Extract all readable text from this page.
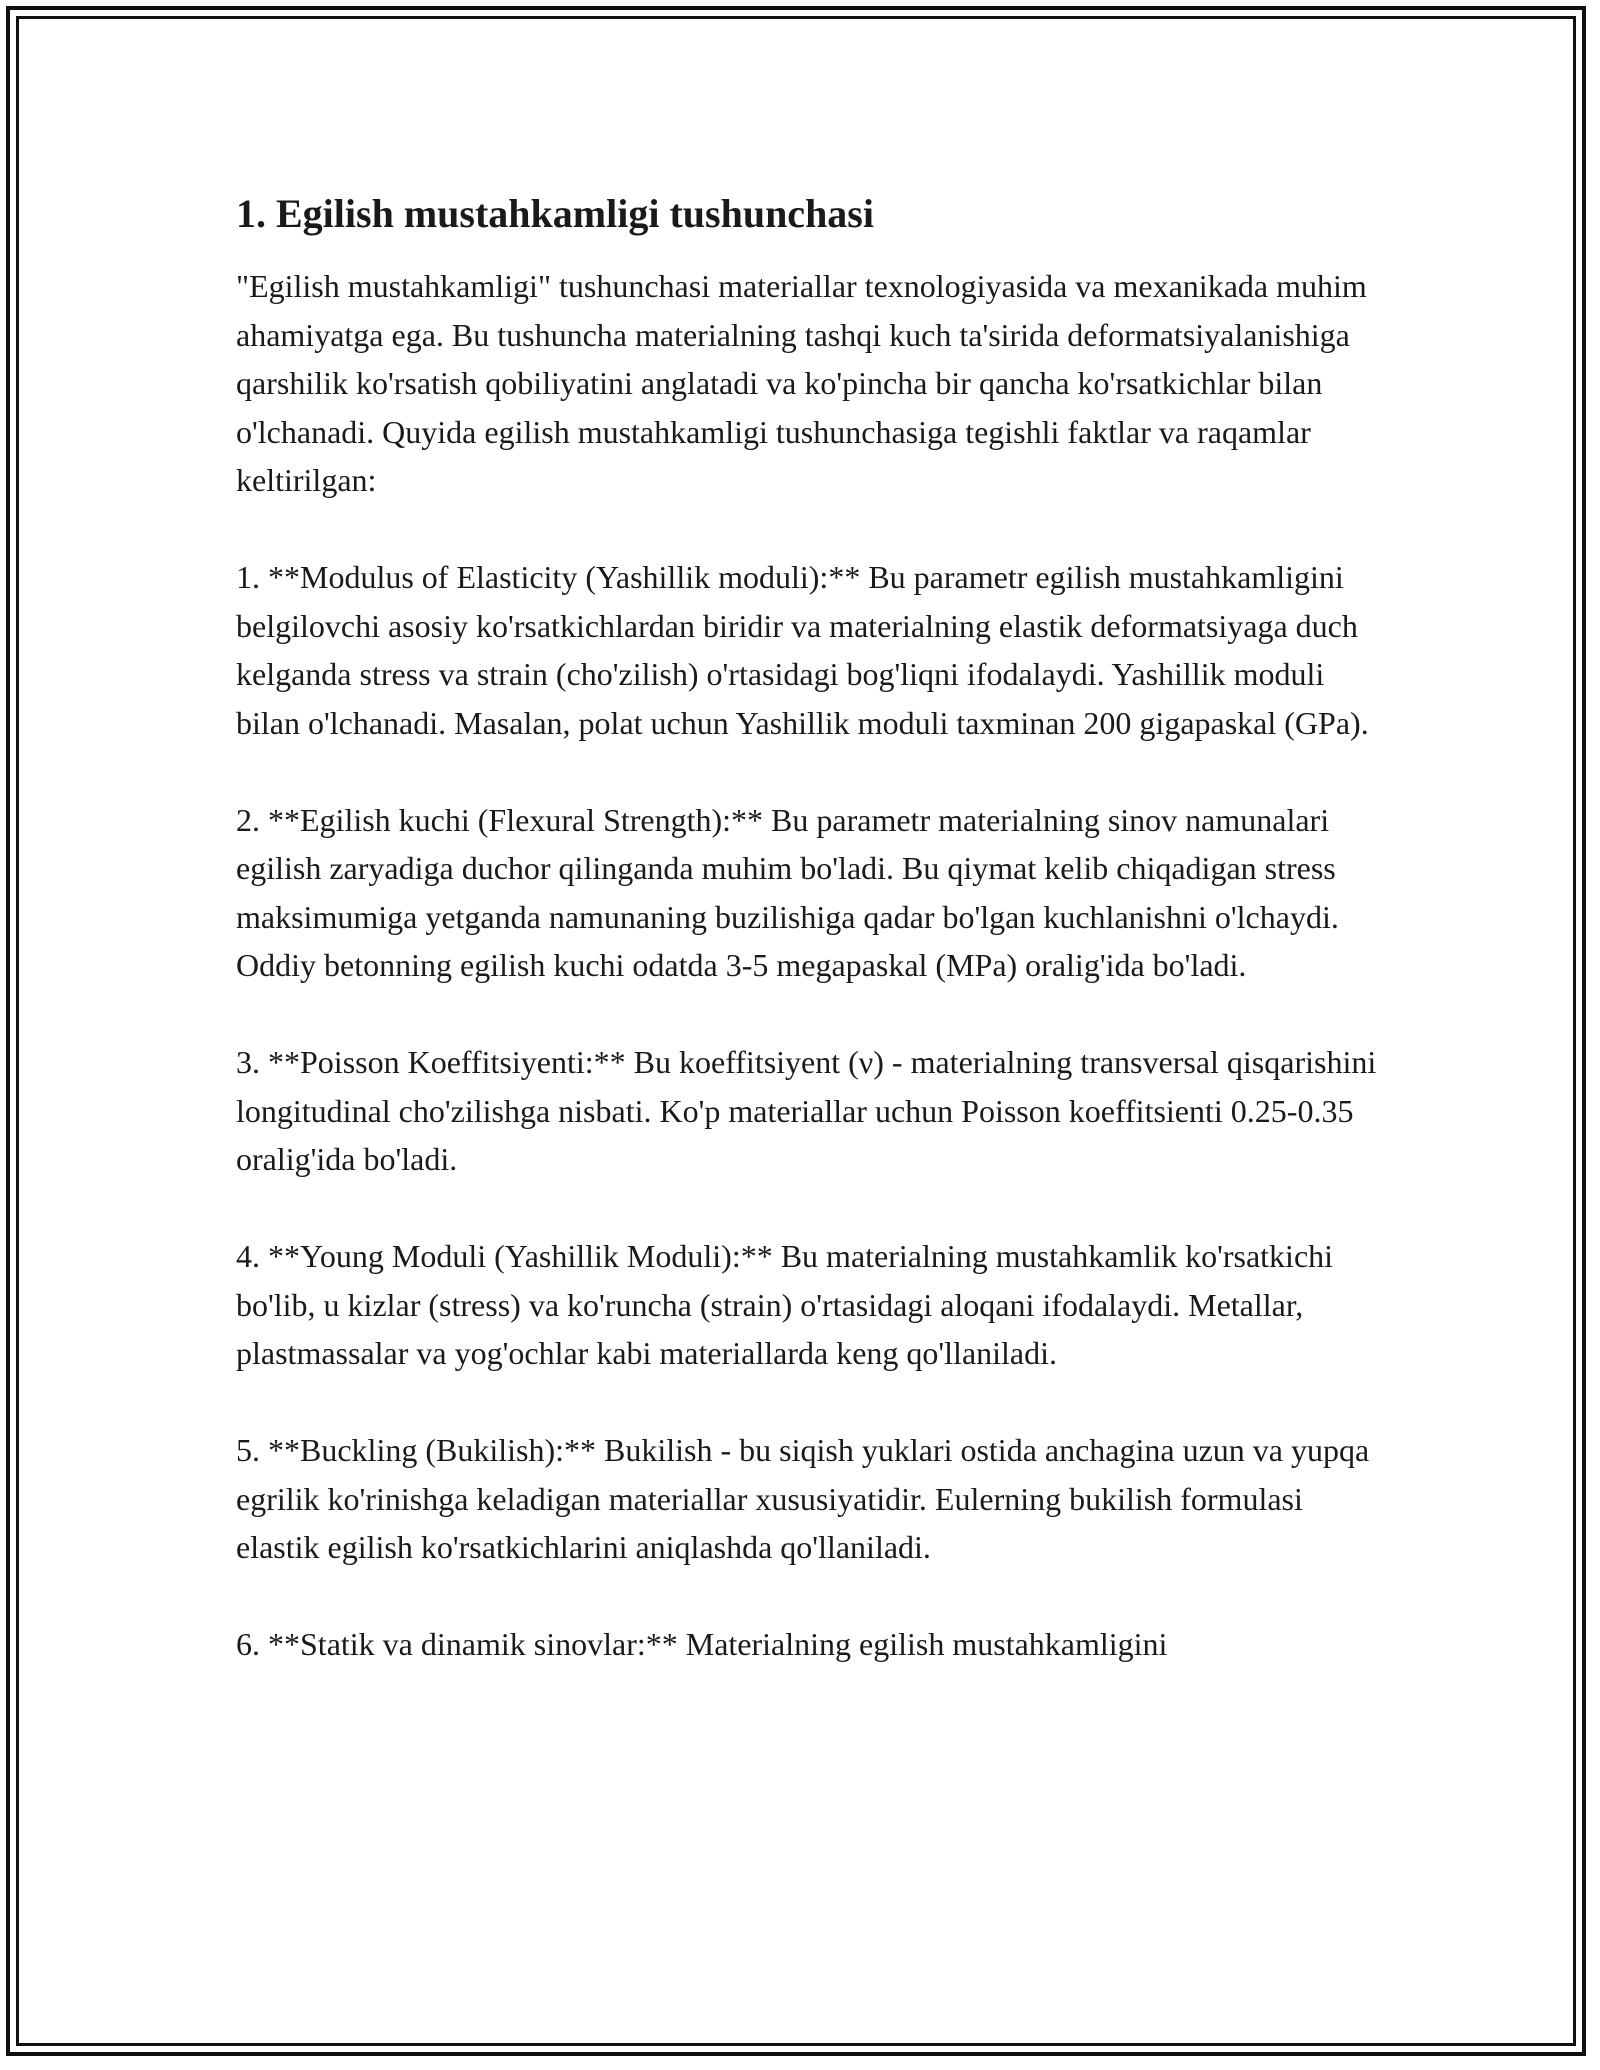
1. Egilish mustahkamligi tushunchasi

"Egilish mustahkamligi" tushunchasi materiallar texnologiyasida va mexanikada muhim ahamiyatga ega. Bu tushuncha materialning tashqi kuch ta'sirida deformatsiyalanishiga qarshilik ko'rsatish qobiliyatini anglatadi va ko'pincha bir qancha ko'rsatkichlar bilan o'lchanadi. Quyida egilish mustahkamligi tushunchasiga tegishli faktlar va raqamlar keltirilgan:

1. **Modulus of Elasticity (Yashillik moduli):** Bu parametr egilish mustahkamligini belgilovchi asosiy ko'rsatkichlardan biridir va materialning elastik deformatsiyaga duch kelganda stress va strain (cho'zilish) o'rtasidagi bog'liqni ifodalaydi. Yashillik moduli bilan o'lchanadi. Masalan, polat uchun Yashillik moduli taxminan 200 gigapaskal (GPa).

2. **Egilish kuchi (Flexural Strength):** Bu parametr materialning sinov namunalari egilish zaryadiga duchor qilinganda muhim bo'ladi. Bu qiymat kelib chiqadigan stress maksimumiga yetganda namunaning buzilishiga qadar bo'lgan kuchlanishni o'lchaydi. Oddiy betonning egilish kuchi odatda 3-5 megapaskal (MPa) oralig'ida bo'ladi.

3. **Poisson Koeffitsiyenti:** Bu koeffitsiyent (ν) - materialning transversal qisqarishini longitudinal cho'zilishga nisbati. Ko'p materiallar uchun Poisson koeffitsienti 0.25-0.35 oralig'ida bo'ladi.

4. **Young Moduli (Yashillik Moduli):** Bu materialning mustahkamlik ko'rsatkichi bo'lib, u kizlar (stress) va ko'runcha (strain) o'rtasidagi aloqani ifodalaydi. Metallar, plastmassalar va yog'ochlar kabi materiallarda keng qo'llaniladi.

5. **Buckling (Bukilish):** Bukilish - bu siqish yuklari ostida anchagina uzun va yupqa egrilik ko'rinishga keladigan materiallar xususiyatidir. Eulerning bukilish formulasi elastik egilish ko'rsatkichlarini aniqlashda qo'llaniladi.

6. **Statik va dinamik sinovlar:** Materialning egilish mustahkamligini
